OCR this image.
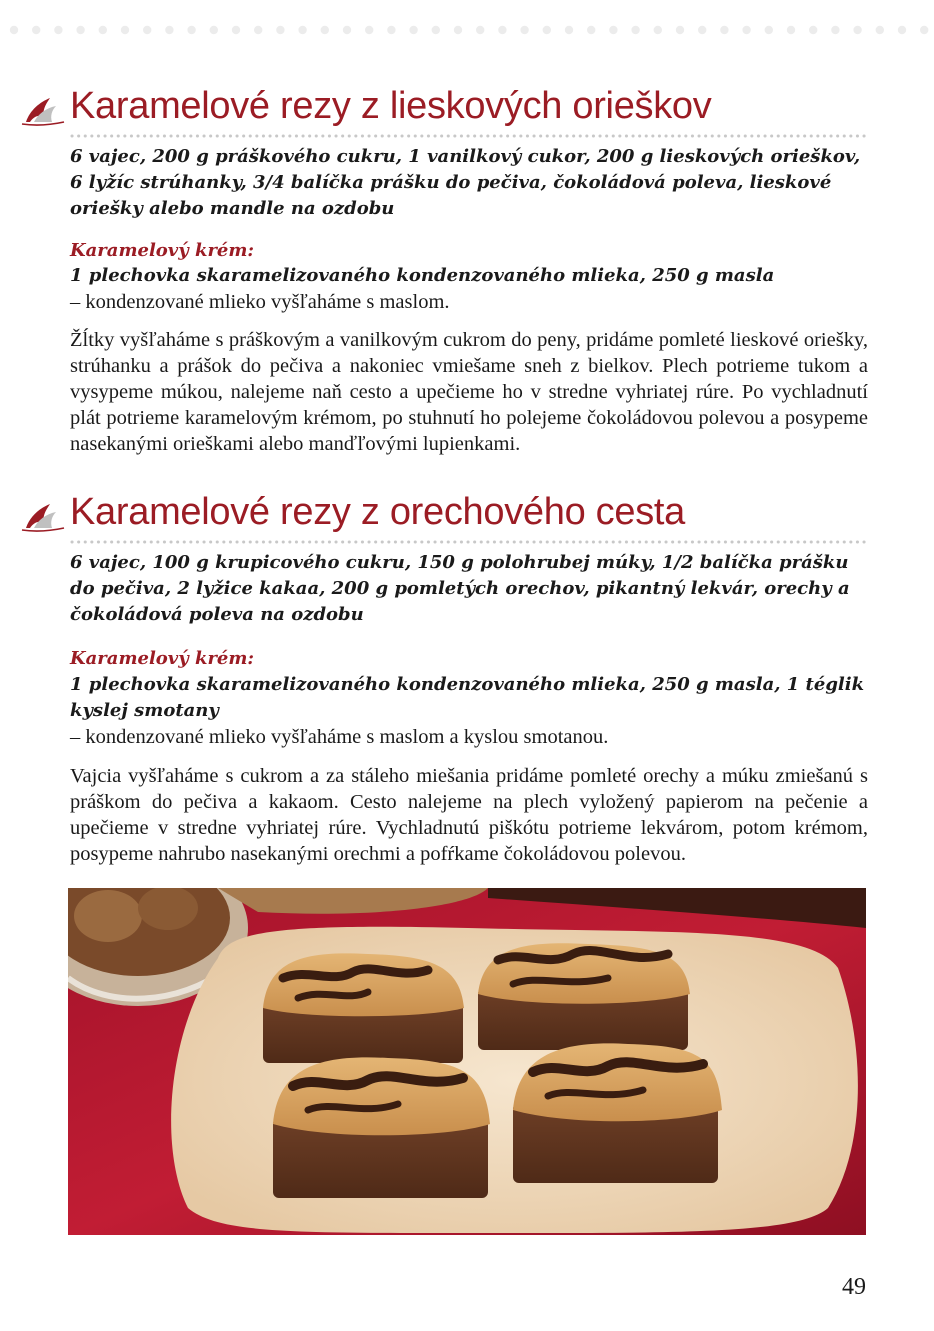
Karamelové rezy z lieskových orieškov
6 vajec, 200 g práškového cukru, 1 vanilkový cukor, 200 g lieskových orieškov, 6 lyžíc strúhanky, 3/4 balíčka prášku do pečiva, čokoládová poleva, lieskové oriešky alebo mandle na ozdobu
Karamelový krém:
1 plechovka skaramelizovaného kondenzovaného mlieka, 250 g masla
– kondenzované mlieko vyšľaháme s maslom.
Žĺtky vyšľaháme s práškovým a vanilkovým cukrom do peny, pridáme pomleté lieskové oriešky, strúhanku a prášok do pečiva a nakoniec vmiešame sneh z bielkov. Plech potrieme tukom a vysypeme múkou, nalejeme naň cesto a upečieme ho v stredne vyhriatej rúre. Po vychladnutí plát potrieme karamelovým krémom, po stuhnutí ho polejeme čokoládovou polevou a posypeme nasekanými orieškami alebo manďľovými lupienkami.
Karamelové rezy z orechového cesta
6 vajec, 100 g krupicového cukru, 150 g polohrubej múky, 1/2 balíčka prášku do pečiva, 2 lyžice kakaa, 200 g pomletých orechov, pikantný lekvár, orechy a čokoládová poleva na ozdobu
Karamelový krém:
1 plechovka skaramelizovaného kondenzovaného mlieka, 250 g masla, 1 téglik kyslej smotany
– kondenzované mlieko vyšľaháme s maslom a kyslou smotanou.
Vajcia vyšľaháme s cukrom a za stáleho miešania pridáme pomleté orechy a múku zmiešanú s práškom do pečiva a kakaom. Cesto nalejeme na plech vyložený papierom na pečenie a upečieme v stredne vyhriatej rúre. Vychladnutú piškótu potrieme lekvárom, potom krémom, posypeme nahrubo nasekanými orechmi a pofŕkame čokoládovou polevou.
49
